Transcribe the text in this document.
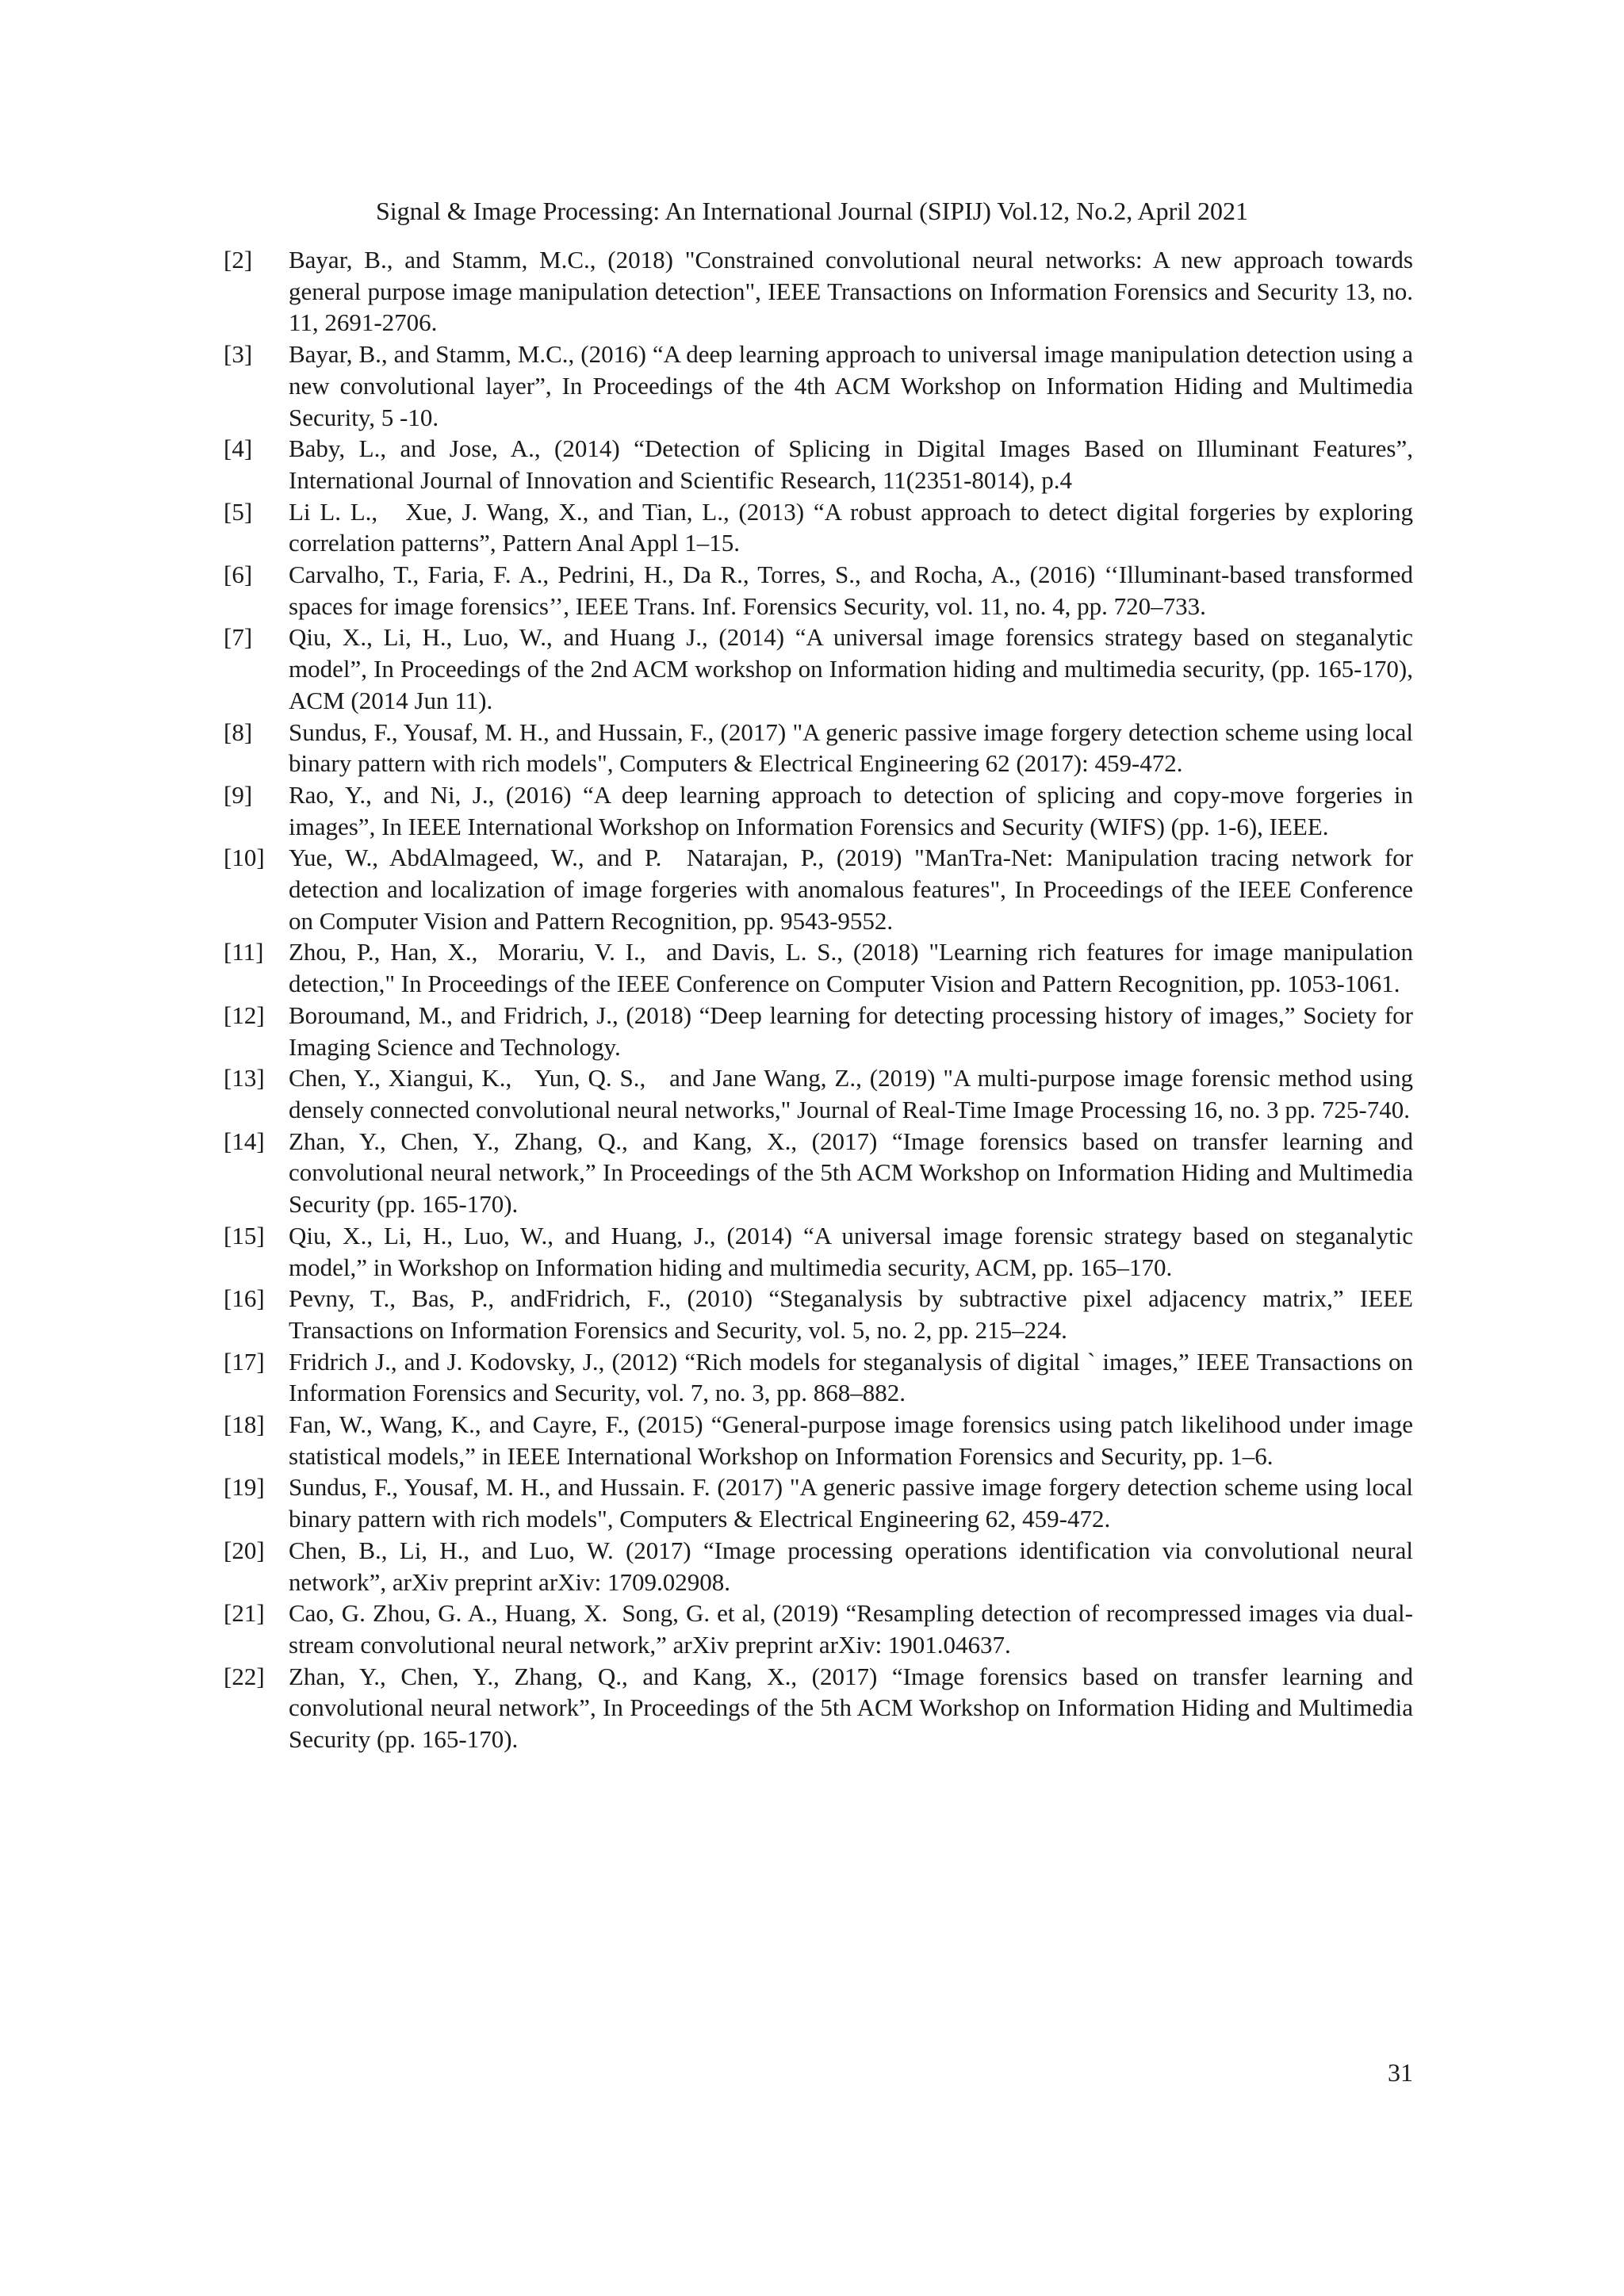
Signal & Image Processing: An International Journal (SIPIJ) Vol.12, No.2, April 2021
[2]	Bayar, B., and Stamm, M.C., (2018) "Constrained convolutional neural networks: A new approach towards general purpose image manipulation detection", IEEE Transactions on Information Forensics and Security 13, no. 11, 2691-2706.
[3]	Bayar, B., and Stamm, M.C., (2016) “A deep learning approach to universal image manipulation detection using a new convolutional layer”, In Proceedings of the 4th ACM Workshop on Information Hiding and Multimedia Security, 5 -10.
[4]	Baby, L., and Jose, A., (2014) “Detection of Splicing in Digital Images Based on Illuminant Features”, International Journal of Innovation and Scientific Research, 11(2351-8014), p.4
[5]	Li L. L.,   Xue, J. Wang, X., and Tian, L., (2013) “A robust approach to detect digital forgeries by exploring correlation patterns”, Pattern Anal Appl 1–15.
[6]	Carvalho, T., Faria, F. A., Pedrini, H., Da R., Torres, S., and Rocha, A., (2016) ‘‘Illuminant-based transformed spaces for image forensics’’, IEEE Trans. Inf. Forensics Security, vol. 11, no. 4, pp. 720–733.
[7]	Qiu, X., Li, H., Luo, W., and Huang J., (2014) “A universal image forensics strategy based on steganalytic model”, In Proceedings of the 2nd ACM workshop on Information hiding and multimedia security, (pp. 165-170), ACM (2014 Jun 11).
[8]	Sundus, F., Yousaf, M. H., and Hussain, F., (2017) "A generic passive image forgery detection scheme using local binary pattern with rich models", Computers & Electrical Engineering 62 (2017): 459-472.
[9]	Rao, Y., and Ni, J., (2016) “A deep learning approach to detection of splicing and copy-move forgeries in images”, In IEEE International Workshop on Information Forensics and Security (WIFS) (pp. 1-6), IEEE.
[10] Yue, W., AbdAlmageed, W., and P.  Natarajan, P., (2019) "ManTra-Net: Manipulation tracing network for detection and localization of image forgeries with anomalous features", In Proceedings of the IEEE Conference on Computer Vision and Pattern Recognition, pp. 9543-9552.
[11]	Zhou, P., Han, X.,  Morariu, V. I.,  and Davis, L. S., (2018) "Learning rich features for image manipulation detection," In Proceedings of the IEEE Conference on Computer Vision and Pattern Recognition, pp. 1053-1061.
[12] Boroumand, M., and Fridrich, J., (2018) “Deep learning for detecting processing history of images,” Society for Imaging Science and Technology.
[13] Chen, Y., Xiangui, K.,   Yun, Q. S.,   and Jane Wang, Z., (2019) "A multi-purpose image forensic method using densely connected convolutional neural networks," Journal of Real-Time Image Processing 16, no. 3 pp. 725-740.
[14] Zhan, Y., Chen, Y., Zhang, Q., and Kang, X., (2017) “Image forensics based on transfer learning and convolutional neural network,” In Proceedings of the 5th ACM Workshop on Information Hiding and Multimedia Security (pp. 165-170).
[15] Qiu, X., Li, H., Luo, W., and Huang, J., (2014) “A universal image forensic strategy based on steganalytic model,” in Workshop on Information hiding and multimedia security, ACM, pp. 165–170.
[16] Pevny, T., Bas, P., andFridrich, F., (2010) “Steganalysis by subtractive pixel adjacency matrix,” IEEE Transactions on Information Forensics and Security, vol. 5, no. 2, pp. 215–224.
[17] Fridrich J., and J. Kodovsky, J., (2012) “Rich models for steganalysis of digital ` images,” IEEE Transactions on Information Forensics and Security, vol. 7, no. 3, pp. 868–882.
[18] Fan, W., Wang, K., and Cayre, F., (2015) “General-purpose image forensics using patch likelihood under image statistical models,” in IEEE International Workshop on Information Forensics and Security, pp. 1–6.
[19] Sundus, F., Yousaf, M. H., and Hussain. F. (2017) "A generic passive image forgery detection scheme using local binary pattern with rich models", Computers & Electrical Engineering 62, 459-472.
[20] Chen, B., Li, H., and Luo, W. (2017) “Image processing operations identification via convolutional neural network”, arXiv preprint arXiv: 1709.02908.
[21] Cao, G. Zhou, G. A., Huang, X.  Song, G. et al, (2019) “Resampling detection of recompressed images via dual-stream convolutional neural network,” arXiv preprint arXiv: 1901.04637.
[22] Zhan, Y., Chen, Y., Zhang, Q., and Kang, X., (2017) “Image forensics based on transfer learning and convolutional neural network”, In Proceedings of the 5th ACM Workshop on Information Hiding and Multimedia Security (pp. 165-170).
31
